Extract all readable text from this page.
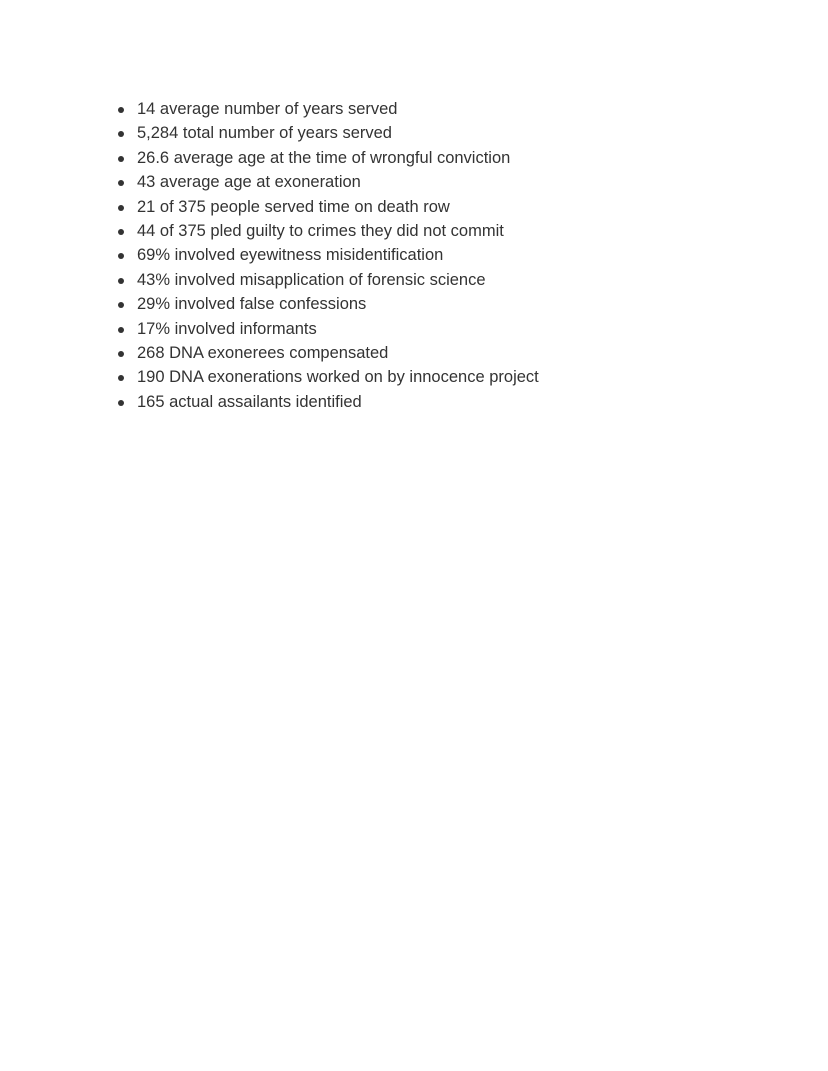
14 average number of years served
5,284 total number of years served
26.6 average age at the time of wrongful conviction
43 average age at exoneration
21 of 375 people served time on death row
44 of 375 pled guilty to crimes they did not commit
69% involved eyewitness misidentification
43% involved misapplication of forensic science
29% involved false confessions
17% involved informants
268 DNA exonerees compensated
190 DNA exonerations worked on by innocence project
165 actual assailants identified
